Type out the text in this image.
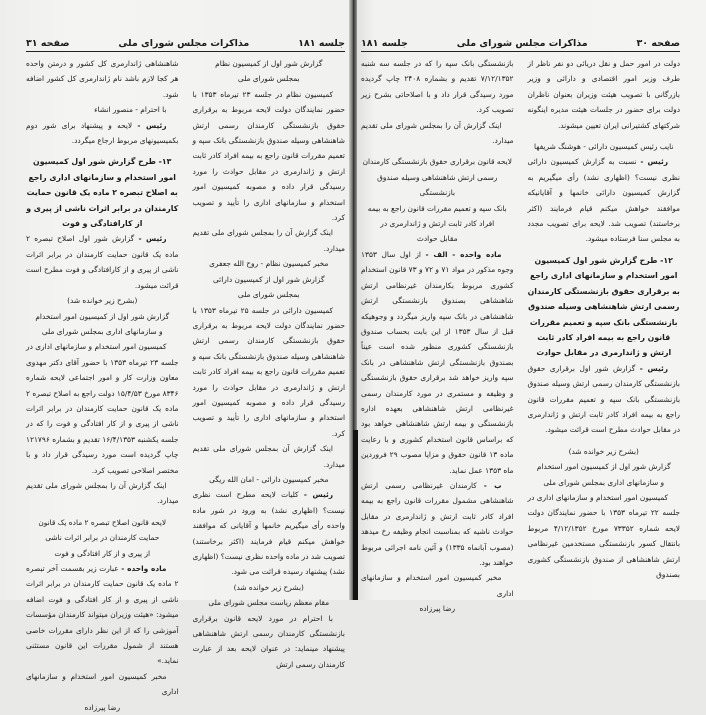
جلسه ۱۸۱
مذاکرات مجلس شورای ملی
صفحه ۳۱

گزارش شور اول از کمیسیون نظام

بمجلس شورای ملی

کمیسیون نظام در جلسه ۲۳ تیرماه ۱۳۵۳ با حضور نمایندگان دولت لایحه مربوط به برقراری حقوق بازنشستگی کارمندان رسمی ارتش شاهنشاهی وسیله صندوق بازنشستگی بانک سپه و تعمیم مقررات قانون راجع به بیمه افراد کادر ثابت ارتش و ژاندارمری در مقابل حوادث را مورد رسیدگی قرار داده و مصوبه کمیسیون امور استخدام و سازمانهای اداری را تأیید و تصویب کرد.

اینک گزارش آن را بمجلس شورای ملی تقدیم میدارد.

مخبر کمیسیون نظام - روح الله جعفری

گزارش شور اول از کمیسیون دارائی

بمجلس شورای ملی

کمیسیون دارائی در جلسه ۲۵ تیرماه ۱۳۵۳ با حضور نمایندگان دولت لایحه مربوط به برقراری حقوق بازنشستگی کارمندان رسمی ارتش شاهنشاهی وسیله صندوق بازنشستگی بانک سپه و تعمیم مقررات قانون راجع به بیمه افراد کادر ثابت ارتش و ژاندارمری در مقابل حوادث را مورد رسیدگی قرار داده و مصوبه کمیسیون امور استخدام و سازمانهای اداری را تأیید و تصویب کرد.

اینک گزارش آن بمجلس شورای ملی تقدیم میدارد.

مخبر کمیسیون دارائی - امان الله ریگی

رئیس - کلیات لایحه مطرح است نظری نیست؟ (اظهاری نشد) به ورود در شور ماده واحده رأی میگیریم خانمها و آقایانی که موافقند خواهش میکنم قیام فرمایند (اکثر برخاستند) تصویب شد در ماده واحده نظری نیست؟ (اظهاری نشد) پیشنهاد رسیده قرائت می شود.

(بشرح زیر خوانده شد)

مقام معظم ریاست مجلس شورای ملی

با احترام در مورد لایحه قانون برقراری بازنشستگی کارمندان رسمی ارتش شاهنشاهی پیشنهاد مینماید: در عنوان لایحه بعد از عبارت کارمندان رسمی ارتش

شاهنشاهی ژاندارمری کل کشور و درمتن واحده هر کجا لازم باشد نام ژاندارمری کل کشور اضافه شود.

با احترام - منصور انشاء

رئیس - لایحه و پیشنهاد برای شور دوم بکمیسیونهای مربوط ارجاع میگردد.

۱۳- طرح گزارش شور اول کمیسیون امور استخدام و سازمانهای اداری راجع به اصلاح تبصره ۲ ماده یک قانون حمایت کارمندان در برابر اثرات ناشی از پیری و از کارافتادگی و فوت

رئیس - گزارش شور اول اصلاح تبصره ۲ ماده یک قانون حمایت کارمندان در برابر اثرات ناشی از پیری و از کارافتادگی و فوت مطرح است قرائت میشود.

(بشرح زیر خوانده شد)

گزارش شور اول از کمیسیون امور استخدام

و سازمانهای اداری بمجلس شورای ملی

کمیسیون امور استخدام و سازمانهای اداری در جلسه ۲۳ تیرماه ۱۳۵۳ با حضور آقای دکتر مهدوی معاون وزارت کار و امور اجتماعی لایحه شماره ۸۳۴۶ مورخ ۱۵/۴/۵۳ دولت راجع به اصلاح تبصره ۲ ماده یک قانون حمایت کارمندان در برابر اثرات ناشی از پیری و از کار افتادگی و فوت را که در جلسه یکشنبه ۱۶/۴/۱۳۵۳ تقدیم و بشماره ۱۲۱۷۹۶ چاپ گردیده است مورد رسیدگی قرار داد و با مختصر اصلاحی تصویب کرد.

اینک گزارش آن را بمجلس شورای ملی تقدیم میدارد.

لایحه قانون اصلاح تبصره ۲ ماده یک قانون

حمایت کارمندان در برابر اثرات ناشی

از پیری و از کار افتادگی و فوت

ماده واحده - عبارت زیر بقسمت آخر تبصره ۲ ماده یک قانون حمایت کارمندان در برابر اثرات ناشی از پیری و از کار افتادگی و فوت اضافه میشود: «هیئت وزیران میتواند کارمندان مؤسسات آموزشی را که از این نظر دارای مقررات خاصی هستند از شمول مقررات این قانون مستثنی نماید.»

مخبر کمیسیون امور استخدام و سازمانهای اداری

رضا پیرزاده

صفحه ۳۰
مذاکرات مجلس شورای ملی
جلسه ۱۸۱

دولت در امور حمل و نقل دریائی دو نفر ناظر از طرف وزیر امور اقتصادی و دارائی و وزیر بازرگانی با تصویب هیئت وزیران بعنوان ناظران دولت برای حضور در جلسات هیئت مدیره اینگونه شرکتهای کشتیرانی ایران تعیین میشوند.

نایب رئیس کمیسیون دارائی - هوشنگ شریفها

رئیس - نسبت به گزارش کمیسیون دارائی نظری نیست؟ (اظهاری نشد) رأی میگیریم به گزارش کمیسیون دارائی خانمها و آقایانیکه موافقند خواهش میکنم قیام فرمایند (اکثر برخاستند) تصویب شد. لایحه برای تصویب مجدد به مجلس سنا فرستاده میشود.

۱۲- طرح گزارش شور اول کمیسیون امور استخدام و سازمانهای اداری راجع به برقراری حقوق بازنشستگی کارمندان رسمی ارتش شاهنشاهی وسیله صندوق بازنشستگی بانک سپه و تعمیم مقررات قانون راجع به بیمه افراد کادر ثابت ارتش و ژاندارمری در مقابل حوادث

رئیس - گزارش شور اول برقراری حقوق بازنشستگی کارمندان رسمی ارتش وسیله صندوق بازنشستگی بانک سپه و تعمیم مقررات قانون راجع به بیمه افراد کادر ثابت ارتش و ژاندارمری در مقابل حوادث مطرح است قرائت میشود.

(بشرح زیر خوانده شد)

گزارش شور اول از کمیسیون امور استخدام

و سازمانهای اداری بمجلس شورای ملی

کمیسیون امور استخدام و سازمانهای اداری در جلسه ۲۲ تیرماه ۱۳۵۳ با حضور نمایندگان دولت لایحه شماره ۷۳۳۵۲ مورخ ۴/۱۲/۱۳۵۲ مربوط بانتقال کسور بازنشستگی مستخدمین غیرنظامی ارتش شاهنشاهی از صندوق بازنشستگی کشوری بصندوق

بازنشستگی بانک سپه را که در جلسه سه شنبه ۷/۱۲/۱۳۵۲ تقدیم و بشماره ۲۴۰۸ چاپ گردیده مورد رسیدگی قرار داد و با اصلاحاتی بشرح زیر تصویب کرد.

اینک گزارش آن را بمجلس شورای ملی تقدیم میدارد.

لایحه قانون برقراری حقوق بازنشستگی کارمندان

رسمی ارتش شاهنشاهی وسیله صندوق بازنشستگی

بانک سپه و تعمیم مقررات قانون راجع به بیمه

افراد کادر ثابت ارتش و ژاندارمری در

مقابل حوادث

ماده واحده - الف - از اول سال ۱۳۵۳ وجوه مذکور در مواد ۷۱ و ۷۲ و ۷۳ قانون استخدام کشوری مربوط بکارمندان غیرنظامی ارتش شاهنشاهی بصندوق بازنشستگی ارتش شاهنشاهی در بانک سپه واریز میگردد و وجوهیکه قبل از سال ۱۳۵۳ از این بابت بحساب صندوق بازنشستگی کشوری منظور شده است عیناً بصندوق بازنشستگی ارتش شاهنشاهی در بانک سپه واریز خواهد شد برقراری حقوق بازنشستگی و وظیفه و مستمری در مورد کارمندان رسمی غیرنظامی ارتش شاهنشاهی بعهده اداره بازنشستگی و بیمه ارتش شاهنشاهی خواهد بود که براساس قانون استخدام کشوری و با رعایت ماده ۱۳ قانون حقوق و مزایا مصوب ۲۹ فروردین ماه ۱۳۵۳ عمل نماید.

ب - کارمندان غیرنظامی رسمی ارتش شاهنشاهی مشمول مقررات قانون راجع به بیمه افراد کادر ثابت ارتش و ژاندارمری در مقابل حوادث ناشیه که بمناسبت انجام وظیفه رخ میدهد (مصوب آبانماه ۱۳۳۵) و آئین نامه اجرائی مربوط خواهند بود.

مخبر کمیسیون امور استخدام و سازمانهای اداری

رضا پیرزاده
